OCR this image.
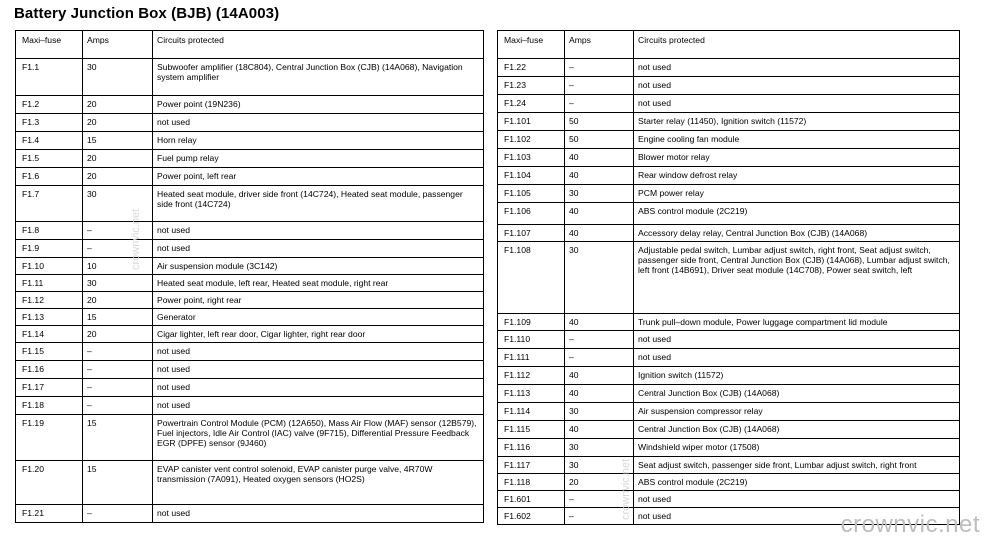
Battery Junction Box (BJB) (14A003)
Maxi–fuse	Amps	Circuits protected
F1.1	30	Subwoofer amplifier (18C804), Central Junction Box (CJB) (14A068), Navigation system amplifier
F1.2	20	Power point (19N236)
F1.3	20	not used
F1.4	15	Horn relay
F1.5	20	Fuel pump relay
F1.6	20	Power point, left rear
F1.7	30	Heated seat module, driver side front (14C724), Heated seat module, passenger side front (14C724)
F1.8	–	not used
F1.9	–	not used
F1.10	10	Air suspension module (3C142)
F1.11	30	Heated seat module, left rear, Heated seat module, right rear
F1.12	20	Power point, right rear
F1.13	15	Generator
F1.14	20	Cigar lighter, left rear door, Cigar lighter, right rear door
F1.15	–	not used
F1.16	–	not used
F1.17	–	not used
F1.18	–	not used
F1.19	15	Powertrain Control Module (PCM) (12A650), Mass Air Flow (MAF) sensor (12B579), Fuel injectors, Idle Air Control (IAC) valve (9F715), Differential Pressure Feedback EGR (DPFE) sensor (9J460)
F1.20	15	EVAP canister vent control solenoid, EVAP canister purge valve, 4R70W transmission (7A091), Heated oxygen sensors (HO2S)
F1.21	–	not used
Maxi–fuse	Amps	Circuits protected
F1.22	–	not used
F1.23	–	not used
F1.24	–	not used
F1.101	50	Starter relay (11450), Ignition switch (11572)
F1.102	50	Engine cooling fan module
F1.103	40	Blower motor relay
F1.104	40	Rear window defrost relay
F1.105	30	PCM power relay
F1.106	40	ABS control module (2C219)
F1.107	40	Accessory delay relay, Central Junction Box (CJB) (14A068)
F1.108	30	Adjustable pedal switch, Lumbar adjust switch, right front, Seat adjust switch, passenger side front, Central Junction Box (CJB) (14A068), Lumbar adjust switch, left front (14B691), Driver seat module (14C708), Power seat switch, left
F1.109	40	Trunk pull–down module, Power luggage compartment lid module
F1.110	–	not used
F1.111	–	not used
F1.112	40	Ignition switch (11572)
F1.113	40	Central Junction Box (CJB) (14A068)
F1.114	30	Air suspension compressor relay
F1.115	40	Central Junction Box (CJB) (14A068)
F1.116	30	Windshield wiper motor (17508)
F1.117	30	Seat adjust switch, passenger side front, Lumbar adjust switch, right front
F1.118	20	ABS control module (2C219)
F1.601	–	not used
F1.602	–	not used
crownvic.net
crownvic.net
crownvic.net
